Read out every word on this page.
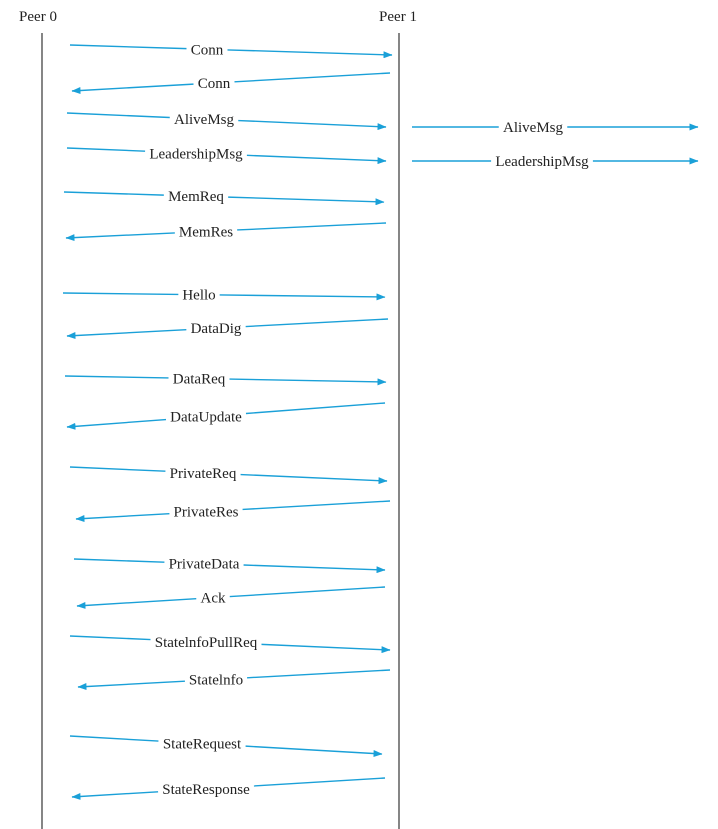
Peer 0	Peer 1
Conn
Conn
AliveMsg
LeadershipMsg
MemReq
MemRes
Hello
DataDig
DataReq
DataUpdate
PrivateReq
PrivateRes
PrivateData
Ack
StatelnfoPullReq
Statelnfo
StateRequest
StateResponse
AliveMsg
LeadershipMsg
